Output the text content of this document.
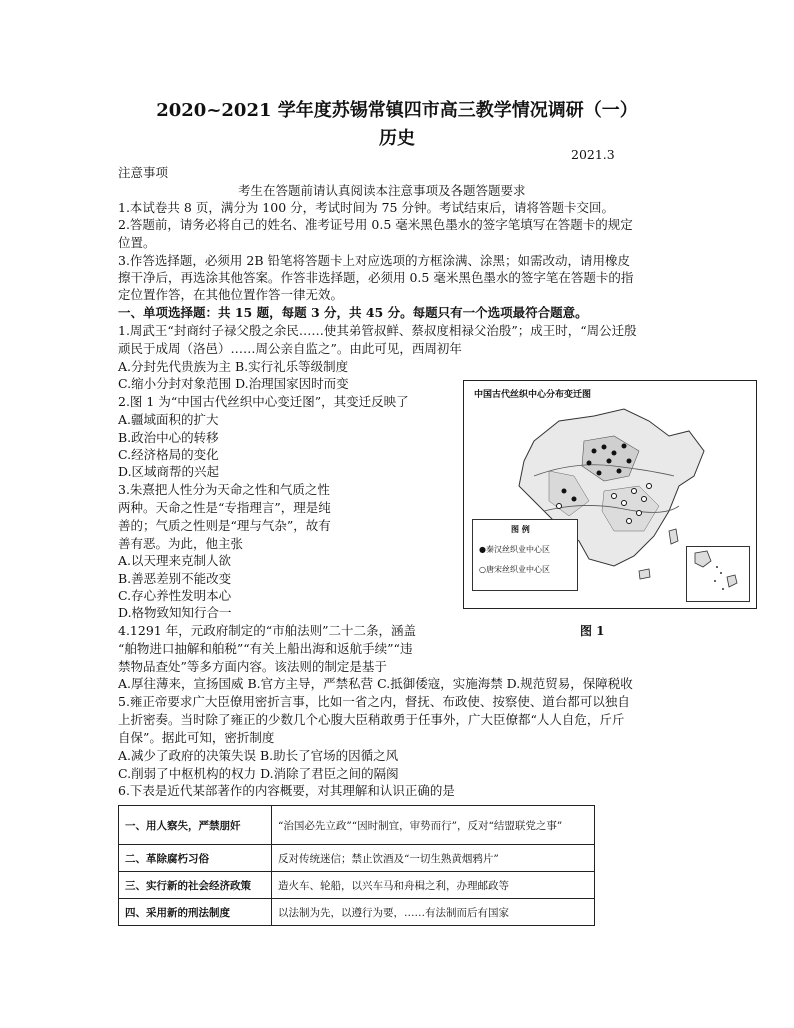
2020~2021 学年度苏锡常镇四市高三教学情况调研（一）
历史
2021.3
注意事项
考生在答题前请认真阅读本注意事项及各题答题要求
1.本试卷共 8 页，满分为 100 分，考试时间为 75 分钟。考试结束后，请将答题卡交回。
2.答题前，请务必将自己的姓名、准考证号用 0.5 毫米黑色墨水的签字笔填写在答题卡的规定
位置。
3.作答选择题，必须用 2B 铅笔将答题卡上对应选项的方框涂满、涂黑；如需改动，请用橡皮
擦干净后，再选涂其他答案。作答非选择题，必须用 0.5 毫米黑色墨水的签字笔在答题卡的指
定位置作答，在其他位置作答一律无效。
一、单项选择题：共 15 题，每题 3 分，共 45 分。每题只有一个选项最符合题意。
1.周武王“封商纣子禄父殷之余民……使其弟管叔鲜、蔡叔度相禄父治殷”；成王时，“周公迁殷
顽民于成周（洛邑）……周公亲自监之”。由此可见，西周初年
A.分封先代贵族为主 B.实行礼乐等级制度
C.缩小分封对象范围 D.治理国家因时而变
2.图 1 为“中国古代丝织中心变迁图”，其变迁反映了
A.疆域面积的扩大
B.政治中心的转移
C.经济格局的变化
D.区域商帮的兴起
3.朱熹把人性分为天命之性和气质之性
两种。天命之性是“专指理言”，理是纯
善的；气质之性则是“理与气杂”，故有
善有恶。为此，他主张
A.以天理来克制人欲
B.善恶差别不能改变
C.存心养性发明本心
D.格物致知知行合一
4.1291 年，元政府制定的“市舶法则”二十二条，涵盖
“舶物进口抽解和舶税”“有关上船出海和返航手续”“违
禁物品查处”等多方面内容。该法则的制定是基于
A.厚往薄来，宣扬国威 B.官方主导，严禁私营 C.抵御倭寇，实施海禁 D.规范贸易，保障税收
5.雍正帝要求广大臣僚用密折言事，比如一省之内，督抚、布政使、按察使、道台都可以独自
上折密奏。当时除了雍正的少数几个心腹大臣稍敢勇于任事外，广大臣僚都“人人自危，斤斤
自保”。据此可知，密折制度
A.减少了政府的决策失误 B.助长了官场的因循之风
C.削弱了中枢机构的权力 D.消除了君臣之间的隔阂
6.下表是近代某部著作的内容概要，对其理解和认识正确的是
一、用人察失，严禁朋奸	“治国必先立政”“因时制宜，审势而行”，反对“结盟联党之事”
二、革除腐朽习俗	反对传统迷信；禁止饮酒及“一切生熟黄烟鸦片”
三、实行新的社会经济政策	造火车、轮船，以兴车马和舟楫之利，办理邮政等
四、采用新的刑法制度	以法制为先，以遵行为要，……有法制而后有国家
中国古代丝织中心分布变迁图
图 例
●秦汉丝织业中心区
○唐宋丝织业中心区
图 1
